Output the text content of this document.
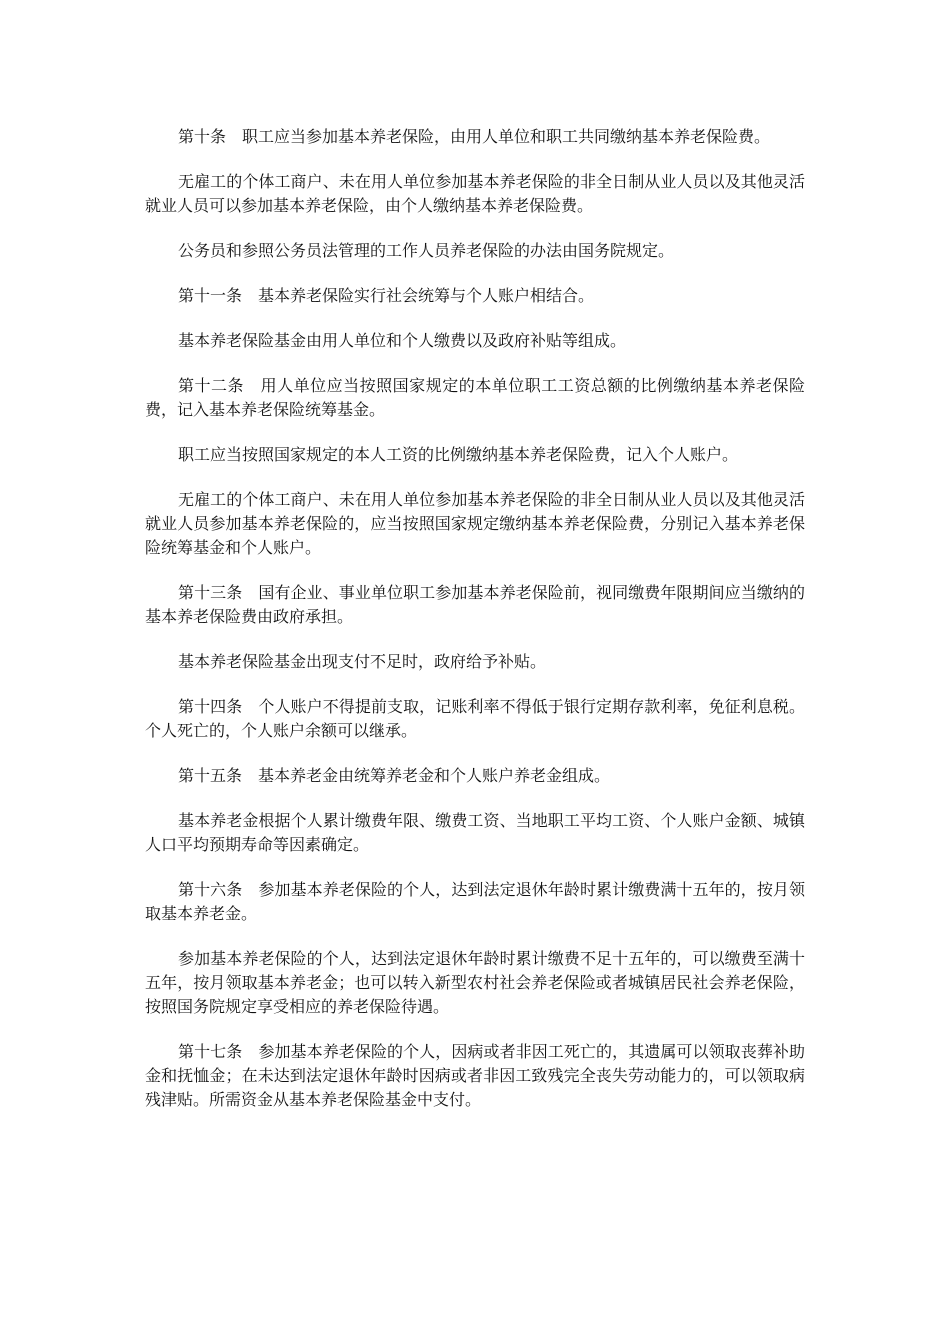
第十条　职工应当参加基本养老保险，由用人单位和职工共同缴纳基本养老保险费。

无雇工的个体工商户、未在用人单位参加基本养老保险的非全日制从业人员以及其他灵活就业人员可以参加基本养老保险，由个人缴纳基本养老保险费。

公务员和参照公务员法管理的工作人员养老保险的办法由国务院规定。

第十一条　基本养老保险实行社会统筹与个人账户相结合。

基本养老保险基金由用人单位和个人缴费以及政府补贴等组成。

第十二条　用人单位应当按照国家规定的本单位职工工资总额的比例缴纳基本养老保险费，记入基本养老保险统筹基金。

职工应当按照国家规定的本人工资的比例缴纳基本养老保险费，记入个人账户。

无雇工的个体工商户、未在用人单位参加基本养老保险的非全日制从业人员以及其他灵活就业人员参加基本养老保险的，应当按照国家规定缴纳基本养老保险费，分别记入基本养老保险统筹基金和个人账户。

第十三条　国有企业、事业单位职工参加基本养老保险前，视同缴费年限期间应当缴纳的基本养老保险费由政府承担。

基本养老保险基金出现支付不足时，政府给予补贴。

第十四条　个人账户不得提前支取，记账利率不得低于银行定期存款利率，免征利息税。个人死亡的，个人账户余额可以继承。

第十五条　基本养老金由统筹养老金和个人账户养老金组成。

基本养老金根据个人累计缴费年限、缴费工资、当地职工平均工资、个人账户金额、城镇人口平均预期寿命等因素确定。

第十六条　参加基本养老保险的个人，达到法定退休年龄时累计缴费满十五年的，按月领取基本养老金。

参加基本养老保险的个人，达到法定退休年龄时累计缴费不足十五年的，可以缴费至满十五年，按月领取基本养老金；也可以转入新型农村社会养老保险或者城镇居民社会养老保险，按照国务院规定享受相应的养老保险待遇。

第十七条　参加基本养老保险的个人，因病或者非因工死亡的，其遗属可以领取丧葬补助金和抚恤金；在未达到法定退休年龄时因病或者非因工致残完全丧失劳动能力的，可以领取病残津贴。所需资金从基本养老保险基金中支付。
